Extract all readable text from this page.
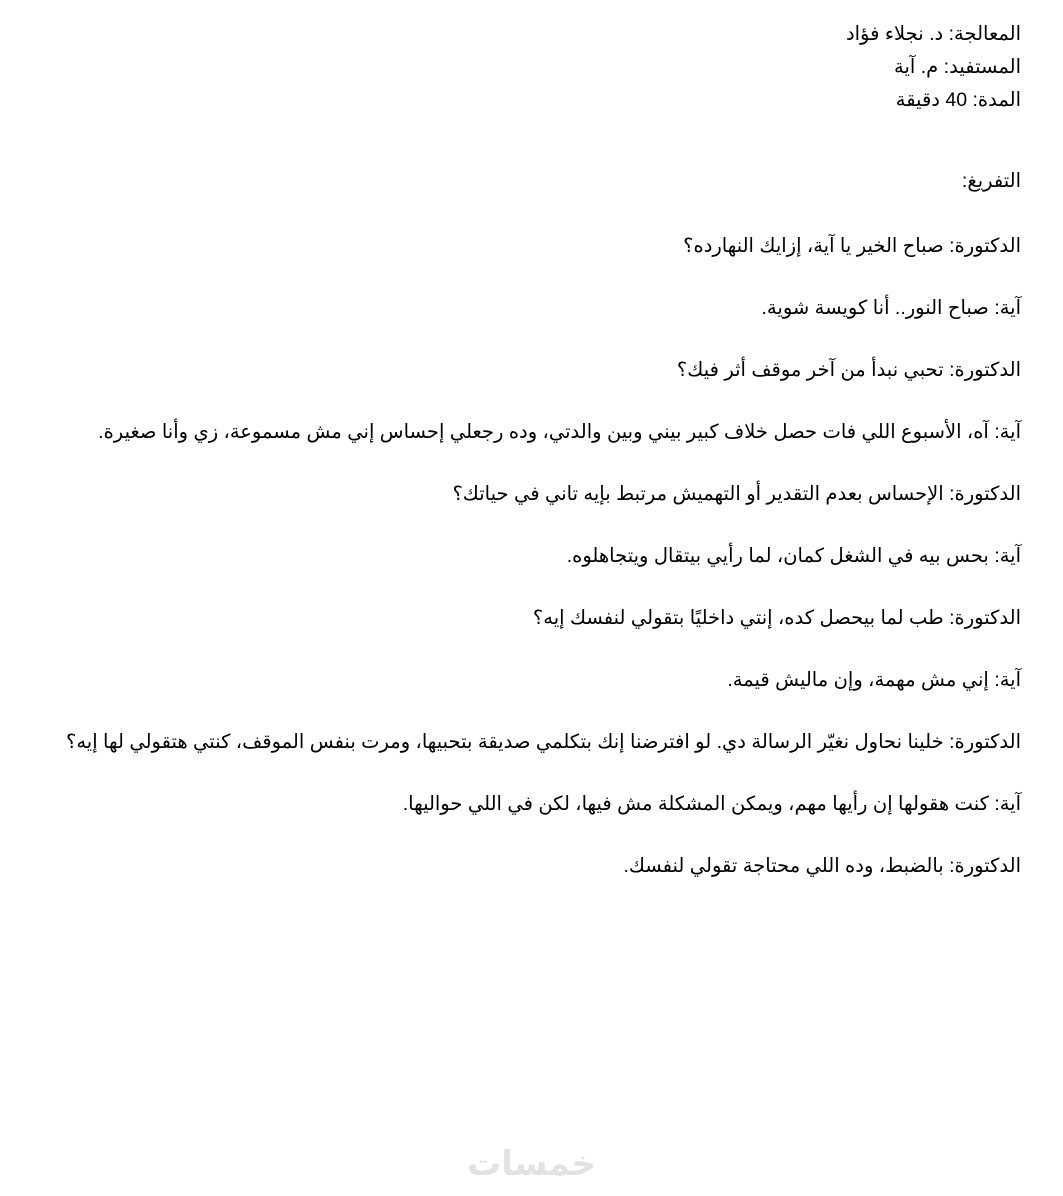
المعالجة: د. نجلاء فؤاد
المستفيد: م. آية
المدة: 40 دقيقة
التفريغ:

الدكتورة: صباح الخير يا آية، إزايك النهارده؟

آية: صباح النور.. أنا كويسة شوية.

الدكتورة: تحبي نبدأ من آخر موقف أثر فيك؟

آية: آه، الأسبوع اللي فات حصل خلاف كبير بيني وبين والدتي، وده رجعلي إحساس إني مش مسموعة، زي وأنا صغيرة.

الدكتورة: الإحساس بعدم التقدير أو التهميش مرتبط بإيه تاني في حياتك؟

آية: بحس بيه في الشغل كمان، لما رأيي بيتقال ويتجاهلوه.

الدكتورة: طب لما بيحصل كده، إنتي داخليًا بتقولي لنفسك إيه؟

آية: إني مش مهمة، وإن ماليش قيمة.

الدكتورة: خلينا نحاول نغيّر الرسالة دي. لو افترضنا إنك بتكلمي صديقة بتحبيها، ومرت بنفس الموقف، كنتي هتقولي لها إيه؟

آية: كنت هقولها إن رأيها مهم، ويمكن المشكلة مش فيها، لكن في اللي حواليها.

الدكتورة: بالضبط، وده اللي محتاجة تقولي لنفسك.

خمسات
